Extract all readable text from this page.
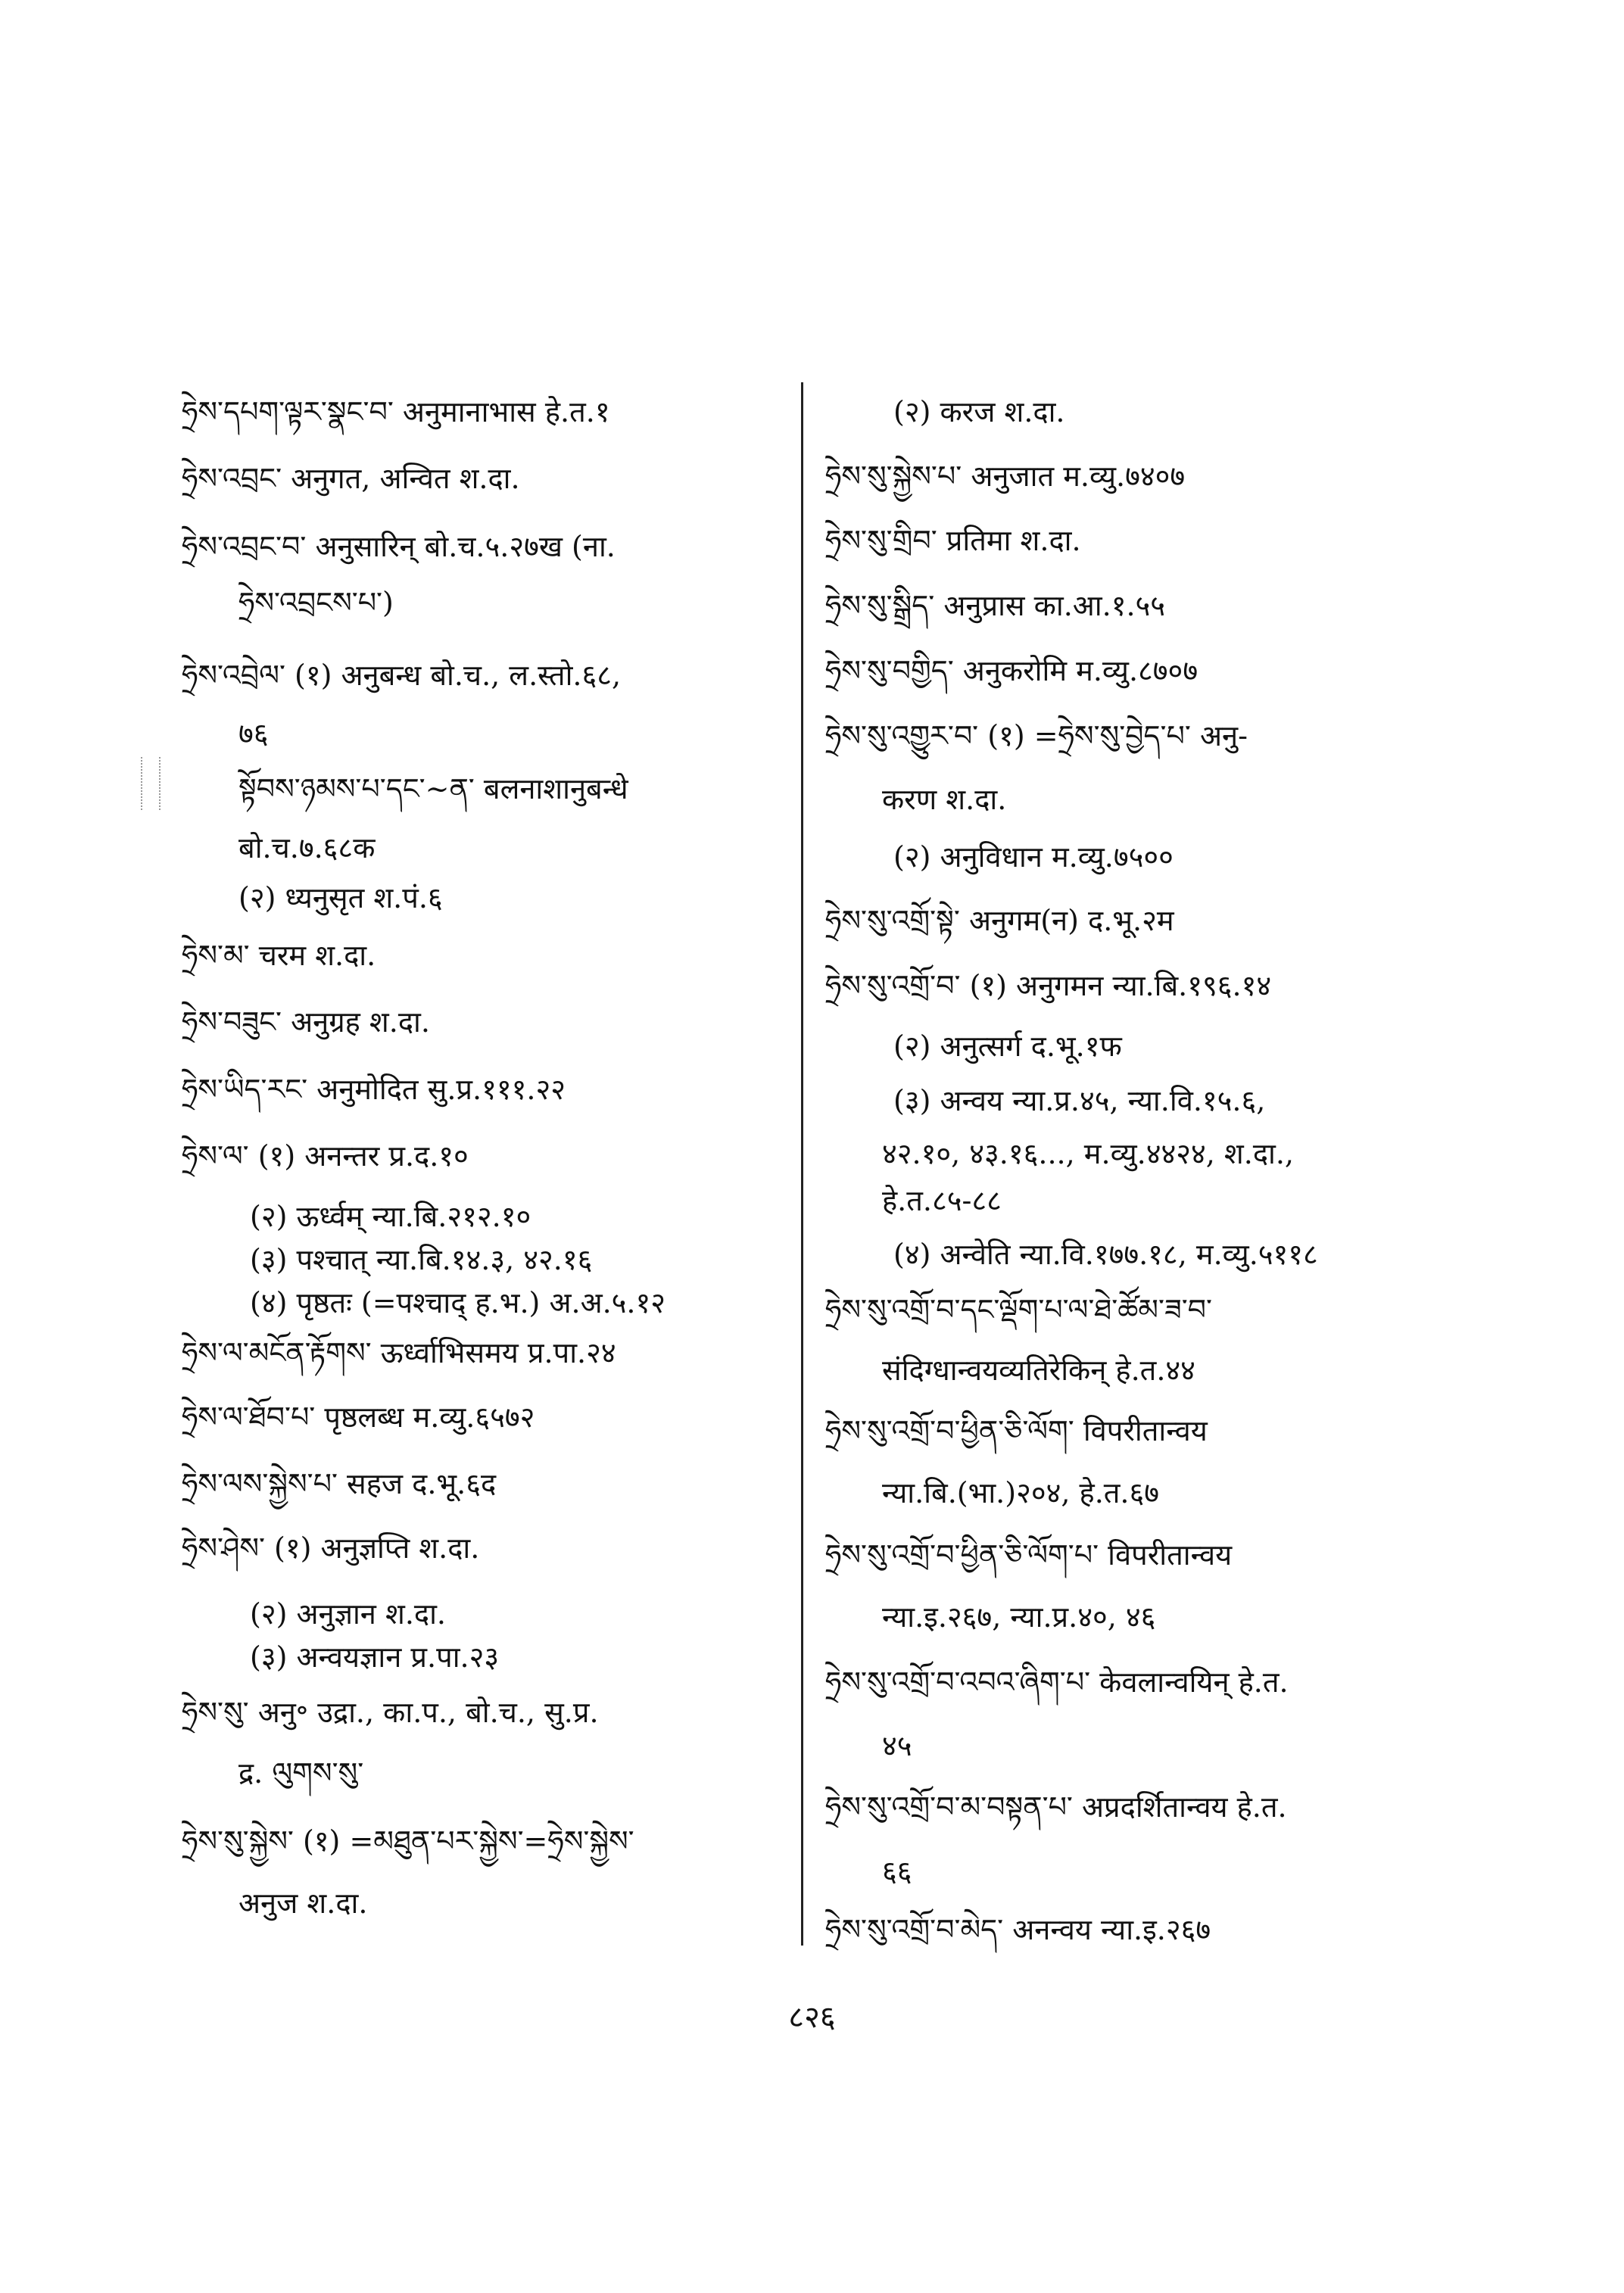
ཧྲེས་དཔག་ལྟར་སྣང་བ་ अनुमानाभास हे.त.१
ཧྲེས་འབྲང་ अनुगत, अन्वित श.दा.
ཧྲེས་འབྲང་བ་ अनुसारिन् बो.च.५.२७ख (ना.
ཧྲེས་འབྲངས་པ་)
ཧྲེས་འབྲེལ་ (१) अनुबन्ध बो.च., ल.स्तो.६८,
७६
སྟོབས་ཉམས་པ་དང་~ན་ बलनाशानुबन्धे
बो.च.७.६८क
(२) ध्यनुसृत श.पं.६
ཧྲེས་མ་ चरम श.दा.
ཧྲེས་བཟུང་ अनुग्रह श.दा.
ཧྲེས་ཡིད་རང་ अनुमोदित सु.प्र.१११.२२
ཧྲེས་ལ་ (१) अनन्तर प्र.द.१०
(२) ऊर्ध्वम् न्या.बि.२१२.१०
(३) पश्चात् न्या.बि.१४.३, ४२.१६
(४) पृष्ठतः (=पश्चाद् ह.भ.) अ.अ.५.१२
ཧྲེས་ལ་མངོན་རྟོགས་ ऊर्ध्वाभिसमय प्र.पा.२४
ཧྲེས་ལ་ཐོབ་པ་ पृष्ठलब्ध म.व्यु.६५७२
ཧྲེས་ལས་སྐྱེས་པ་ सहज द.भू.६द
ཧྲེས་ཤེས་ (१) अनुज्ञप्ति श.दा.
(२) अनुज्ञान श.दा.
(३) अन्वयज्ञान प्र.पा.२३
ཧྲེས་སུ་ अनु॰ उद्रा., का.प., बो.च., सु.प्र.
द्र. ལུགས་སུ་
ཧྲེས་སུ་སྐྱེས་ (१) =མཐུན་པར་སྐྱེས་=ཧྲེས་སྐྱེས་
अनुज श.दा.
(२) करज श.दा.
ཧྲེས་སུ་སྐྱེས་པ་ अनुजात म.व्यु.७४०७
ཧྲེས་སུ་གྲིབ་ प्रतिमा श.दा.
ཧྲེས་སུ་སྒྲིད་ अनुप्रास का.आ.१.५५
ཧྲེས་སུ་བགྱིད་ अनुकरोमि म.व्यु.८७०७
ཧྲེས་སུ་འགྱུར་བ་ (१) =ཧྲེས་སུ་བྱེད་པ་ अनु-
करण श.दा.
(२) अनुविधान म.व्यु.७५००
ཧྲེས་སུ་འགྲོ་སྟེ་ अनुगम(न) द.भू.२म
ཧྲེས་སུ་འགྲོ་བ་ (१) अनुगमन न्या.बि.१९६.१४
(२) अनुत्सर्ग द.भू.१फ
(३) अन्वय न्या.प्र.४५, न्या.वि.१५.६,
४२.१०, ४३.१६..., म.व्यु.४४२४, श.दा.,
हे.त.८५-८८
(४) अन्वेति न्या.वि.१७७.१८, म.व्यु.५११८
ཧྲེས་སུ་འགྲོ་བ་དང་ལྡོག་པ་ལ་ཐེ་ཚོམ་ཟ་བ་
संदिग्धान्वयव्यतिरेकिन् हे.त.४४
ཧྲེས་སུ་འགྲོ་བ་ཕྱིན་ཅི་ལོག་ विपरीतान्वय
न्या.बि.(भा.)२०४, हे.त.६७
ཧྲེས་སུ་འགྲོ་བ་ཕྱིན་ཅི་ལོག་པ་ विपरीतान्वय
न्या.इ.२६७, न्या.प्र.४०, ४६
ཧྲེས་སུ་འགྲོ་བ་འབའ་ཞིག་པ་ केवलान्वयिन् हे.त.
४५
ཧྲེས་སུ་འགྲོ་བ་མ་བསྟན་པ་ अप्रदर्शितान्वय हे.त.
६६
ཧྲེས་སུ་འགྲོ་བ་མེད་ अनन्वय न्या.इ.२६७
८२६
